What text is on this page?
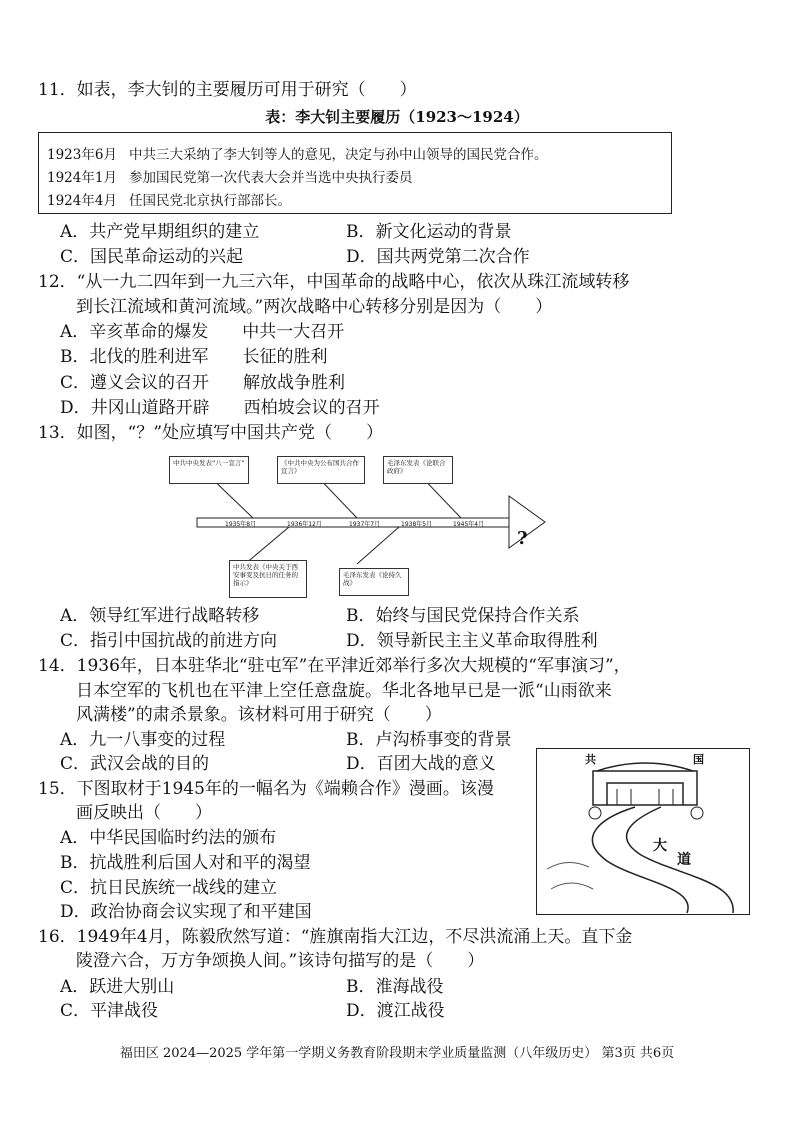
11．如表，李大钊的主要履历可用于研究（　　）
表：李大钊主要履历（1923～1924）
1923年6月 中共三大采纳了李大钊等人的意见，决定与孙中山领导的国民党合作。
1924年1月 参加国民党第一次代表大会并当选中央执行委员
1924年4月 任国民党北京执行部部长。
A．共产党早期组织的建立	B．新文化运动的背景
C．国民革命运动的兴起	D．国共两党第二次合作
12．“从一九二四年到一九三六年，中国革命的战略中心，依次从珠江流域转移
到长江流域和黄河流域。”两次战略中心转移分别是因为（　　）
A．辛亥革命的爆发　　中共一大召开
B．北伐的胜利进军　　长征的胜利
C．遵义会议的召开　　解放战争胜利
D．井冈山道路开辟　　西柏坡会议的召开
13．如图，“？”处应填写中国共产党（　　）
中共中央发表“八一宣言”	《中共中央为公布国共合作宣言》
毛泽东发表《论联合政府》
中共发表《中央关于西安事变及抗日的任务的指示》
毛泽东发表《论持久战》
1935年8月	1936年12月	1937年7月	1938年5月	1945年4月
?
A．领导红军进行战略转移	B．始终与国民党保持合作关系
C．指引中国抗战的前进方向	D．领导新民主主义革命取得胜利
14．1936年，日本驻华北“驻屯军”在平津近郊举行多次大规模的“军事演习”，
日本空军的飞机也在平津上空任意盘旋。华北各地早已是一派“山雨欲来
风满楼”的肃杀景象。该材料可用于研究（　　）
A．九一八事变的过程	B．卢沟桥事变的背景
C．武汉会战的目的	D．百团大战的意义
15．下图取材于1945年的一幅名为《端赖合作》漫画。该漫
画反映出（　　）
A．中华民国临时约法的颁布
B．抗战胜利后国人对和平的渴望
C．抗日民族统一战线的建立
D．政治协商会议实现了和平建国
共	国
大
道
16．1949年4月，陈毅欣然写道：“旌旗南指大江边，不尽洪流涌上天。直下金
陵澄六合，万方争颂换人间。”该诗句描写的是（　　）
A．跃进大别山	B．淮海战役
C．平津战役	D．渡江战役
福田区 2024—2025 学年第一学期义务教育阶段期末学业质量监测（八年级历史） 第3页 共6页
